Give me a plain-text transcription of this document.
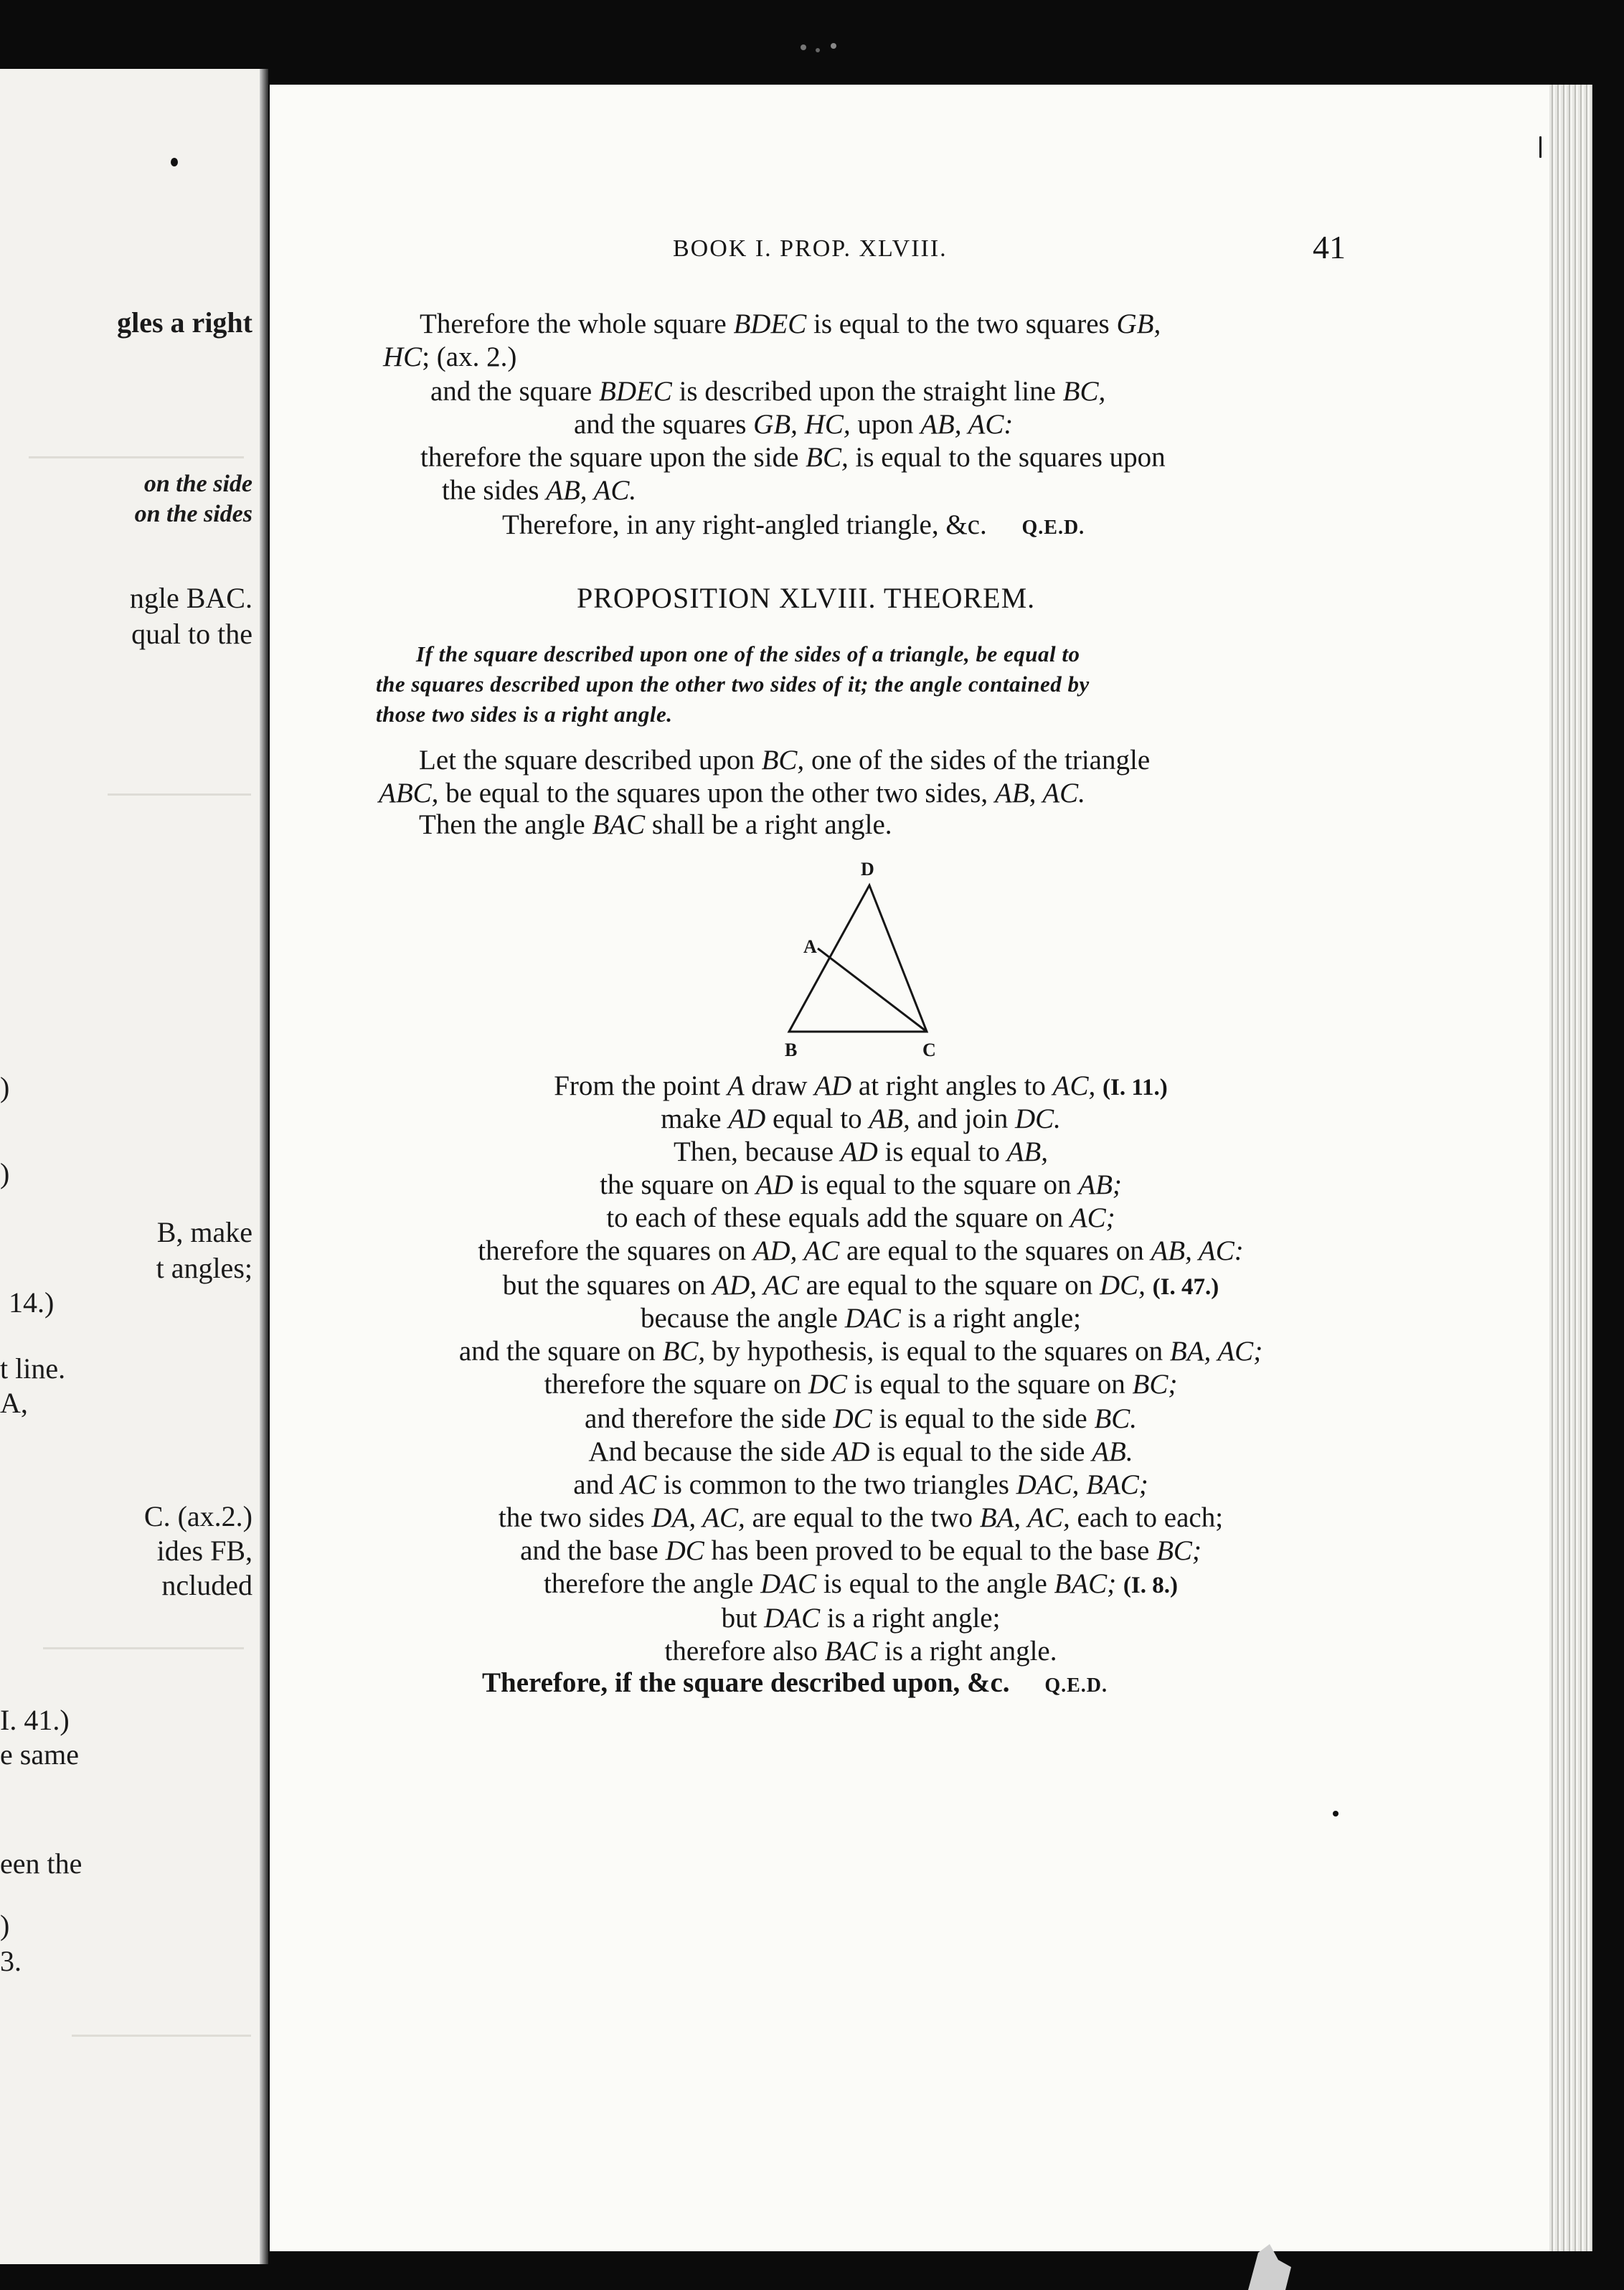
gles a right
on the side
on the sides
ngle BAC.
qual to the
)
)
B, make
t angles;
14.)
t line.
A,
C. (ax.2.)
ides FB,
ncluded
I. 41.)
e same
een the
)
3.
BOOK I. PROP. XLVIII.	41
Therefore the whole square BDEC is equal to the two squares GB,
HC; (ax. 2.)
and the square BDEC is described upon the straight line BC,
and the squares GB, HC, upon AB, AC:
therefore the square upon the side BC, is equal to the squares upon
the sides AB, AC.
Therefore, in any right-angled triangle, &c. Q.E.D.
PROPOSITION XLVIII. THEOREM.
If the square described upon one of the sides of a triangle, be equal to
the squares described upon the other two sides of it; the angle contained by
those two sides is a right angle.
Let the square described upon BC, one of the sides of the triangle
ABC, be equal to the squares upon the other two sides, AB, AC.
Then the angle BAC shall be a right angle.
D
A
B	C
From the point A draw AD at right angles to AC, (I. 11.)
make AD equal to AB, and join DC.
Then, because AD is equal to AB,
the square on AD is equal to the square on AB;
to each of these equals add the square on AC;
therefore the squares on AD, AC are equal to the squares on AB, AC:
but the squares on AD, AC are equal to the square on DC, (I. 47.)
because the angle DAC is a right angle;
and the square on BC, by hypothesis, is equal to the squares on BA, AC;
therefore the square on DC is equal to the square on BC;
and therefore the side DC is equal to the side BC.
And because the side AD is equal to the side AB.
and AC is common to the two triangles DAC, BAC;
the two sides DA, AC, are equal to the two BA, AC, each to each;
and the base DC has been proved to be equal to the base BC;
therefore the angle DAC is equal to the angle BAC; (I. 8.)
but DAC is a right angle;
therefore also BAC is a right angle.
Therefore, if the square described upon, &c. Q.E.D.
